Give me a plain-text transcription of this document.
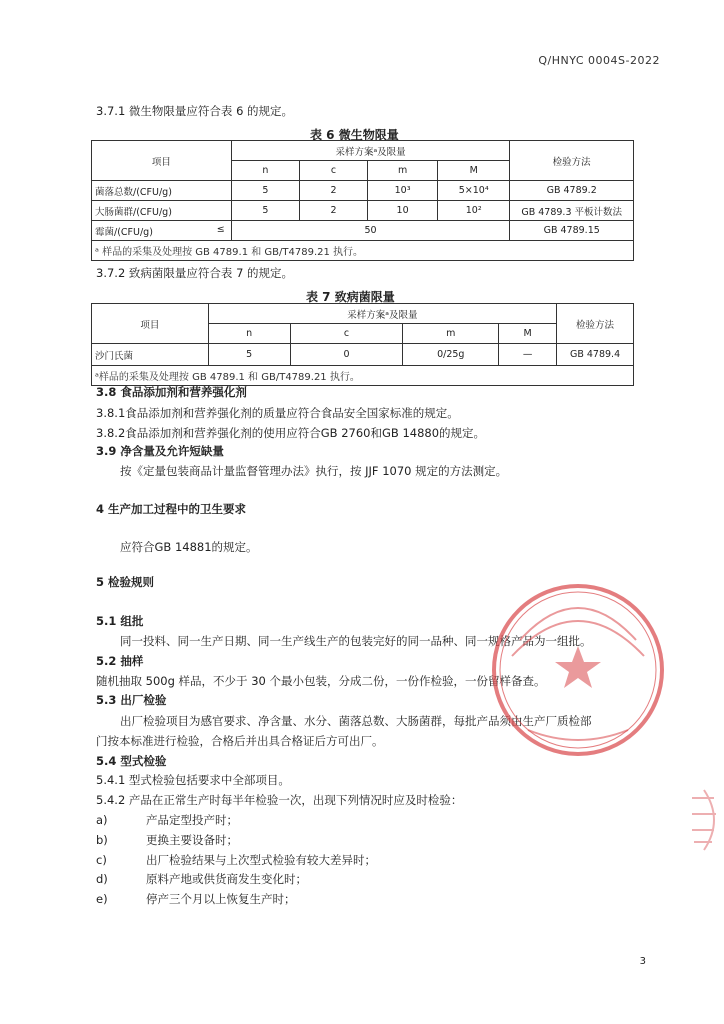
Q/HNYC 0004S-2022
3.7.1 微生物限量应符合表 6 的规定。
表 6 微生物限量
项目	采样方案ᵃ及限量				检验方法
	n	c	m	M	
菌落总数/(CFU/g)	5	2	10³	5×10⁴	GB 4789.2
大肠菌群/(CFU/g)	5	2	10	10²	GB 4789.3 平板计数法
霉菌/(CFU/g) ≤	50				GB 4789.15
ᵃ 样品的采集及处理按 GB 4789.1 和 GB/T4789.21 执行。					
3.7.2 致病菌限量应符合表 7 的规定。
表 7 致病菌限量
项目	采样方案ᵃ及限量				检验方法
	n	c	m	M	
沙门氏菌	5	0	0/25g	—	GB 4789.4
ᵃ样品的采集及处理按 GB 4789.1 和 GB/T4789.21 执行。					
3.8 食品添加剂和营养强化剂
3.8.1食品添加剂和营养强化剂的质量应符合食品安全国家标准的规定。
3.8.2食品添加剂和营养强化剂的使用应符合GB 2760和GB 14880的规定。
3.9 净含量及允许短缺量
按《定量包装商品计量监督管理办法》执行，按 JJF 1070 规定的方法测定。
4 生产加工过程中的卫生要求
应符合GB 14881的规定。
5 检验规则
5.1 组批
同一投料、同一生产日期、同一生产线生产的包装完好的同一品种、同一规格产品为一组批。
5.2 抽样
随机抽取 500g 样品，不少于 30 个最小包装，分成二份，一份作检验，一份留样备查。
5.3 出厂检验
出厂检验项目为感官要求、净含量、水分、菌落总数、大肠菌群，每批产品须由生产厂质检部
门按本标准进行检验，合格后并出具合格证后方可出厂。
5.4 型式检验
5.4.1 型式检验包括要求中全部项目。
5.4.2 产品在正常生产时每半年检验一次，出现下列情况时应及时检验：
a)	产品定型投产时；
b)	更换主要设备时；
c)	出厂检验结果与上次型式检验有较大差异时；
d)	原料产地或供货商发生变化时；
e)	停产三个月以上恢复生产时；
3
